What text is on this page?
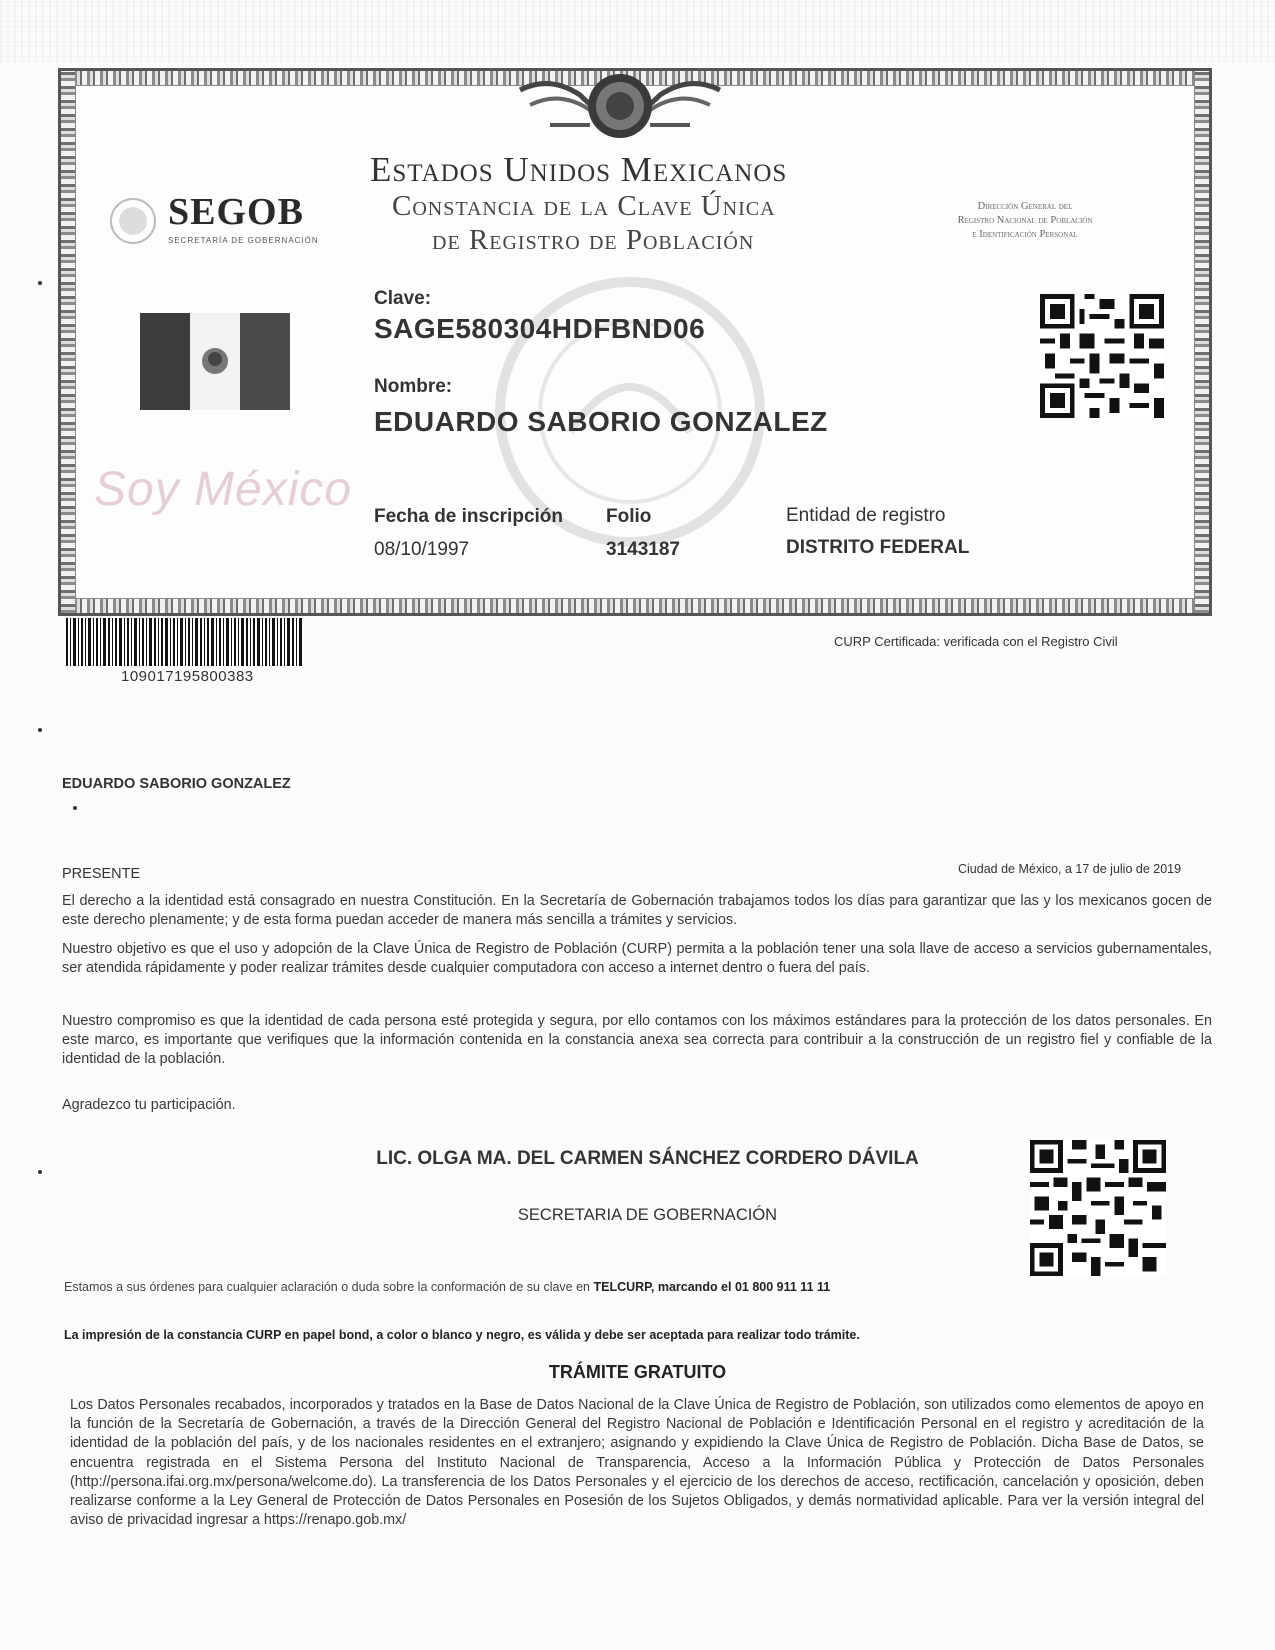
Estados Unidos Mexicanos
Constancia de la Clave Única
de Registro de Población
SEGOB
SECRETARÍA DE GOBERNACIÓN
Dirección General del
Registro Nacional de Población
e Identificación Personal
Soy México
Clave:
SAGE580304HDFBND06
Nombre:
EDUARDO SABORIO GONZALEZ
Fecha de inscripción
08/10/1997
Folio
3143187
Entidad de registro
DISTRITO FEDERAL
109017195800383
CURP Certificada: verificada con el Registro Civil
EDUARDO SABORIO GONZALEZ
PRESENTE	Ciudad de México, a 17 de julio de 2019
El derecho a la identidad está consagrado en nuestra Constitución. En la Secretaría de Gobernación trabajamos todos los días para garantizar que las y los mexicanos gocen de este derecho plenamente; y de esta forma puedan acceder de manera más sencilla a trámites y servicios.
Nuestro objetivo es que el uso y adopción de la Clave Única de Registro de Población (CURP) permita a la población tener una sola llave de acceso a servicios gubernamentales, ser atendida rápidamente y poder realizar trámites desde cualquier computadora con acceso a internet dentro o fuera del país.
Nuestro compromiso es que la identidad de cada persona esté protegida y segura, por ello contamos con los máximos estándares para la protección de los datos personales. En este marco, es importante que verifiques que la información contenida en la constancia anexa sea correcta para contribuir a la construcción de un registro fiel y confiable de la identidad de la población.
Agradezco tu participación.
LIC. OLGA MA. DEL CARMEN SÁNCHEZ CORDERO DÁVILA
SECRETARIA DE GOBERNACIÓN
Estamos a sus órdenes para cualquier aclaración o duda sobre la conformación de su clave en TELCURP, marcando el 01 800 911 11 11
La impresión de la constancia CURP en papel bond, a color o blanco y negro, es válida y debe ser aceptada para realizar todo trámite.
TRÁMITE GRATUITO
Los Datos Personales recabados, incorporados y tratados en la Base de Datos Nacional de la Clave Única de Registro de Población, son utilizados como elementos de apoyo en la función de la Secretaría de Gobernación, a través de la Dirección General del Registro Nacional de Población e Identificación Personal en el registro y acreditación de la identidad de la población del país, y de los nacionales residentes en el extranjero; asignando y expidiendo la Clave Única de Registro de Población. Dicha Base de Datos, se encuentra registrada en el Sistema Persona del Instituto Nacional de Transparencia, Acceso a la Información Pública y Protección de Datos Personales (http://persona.ifai.org.mx/persona/welcome.do). La transferencia de los Datos Personales y el ejercicio de los derechos de acceso, rectificación, cancelación y oposición, deben realizarse conforme a la Ley General de Protección de Datos Personales en Posesión de los Sujetos Obligados, y demás normatividad aplicable. Para ver la versión integral del aviso de privacidad ingresar a https://renapo.gob.mx/
